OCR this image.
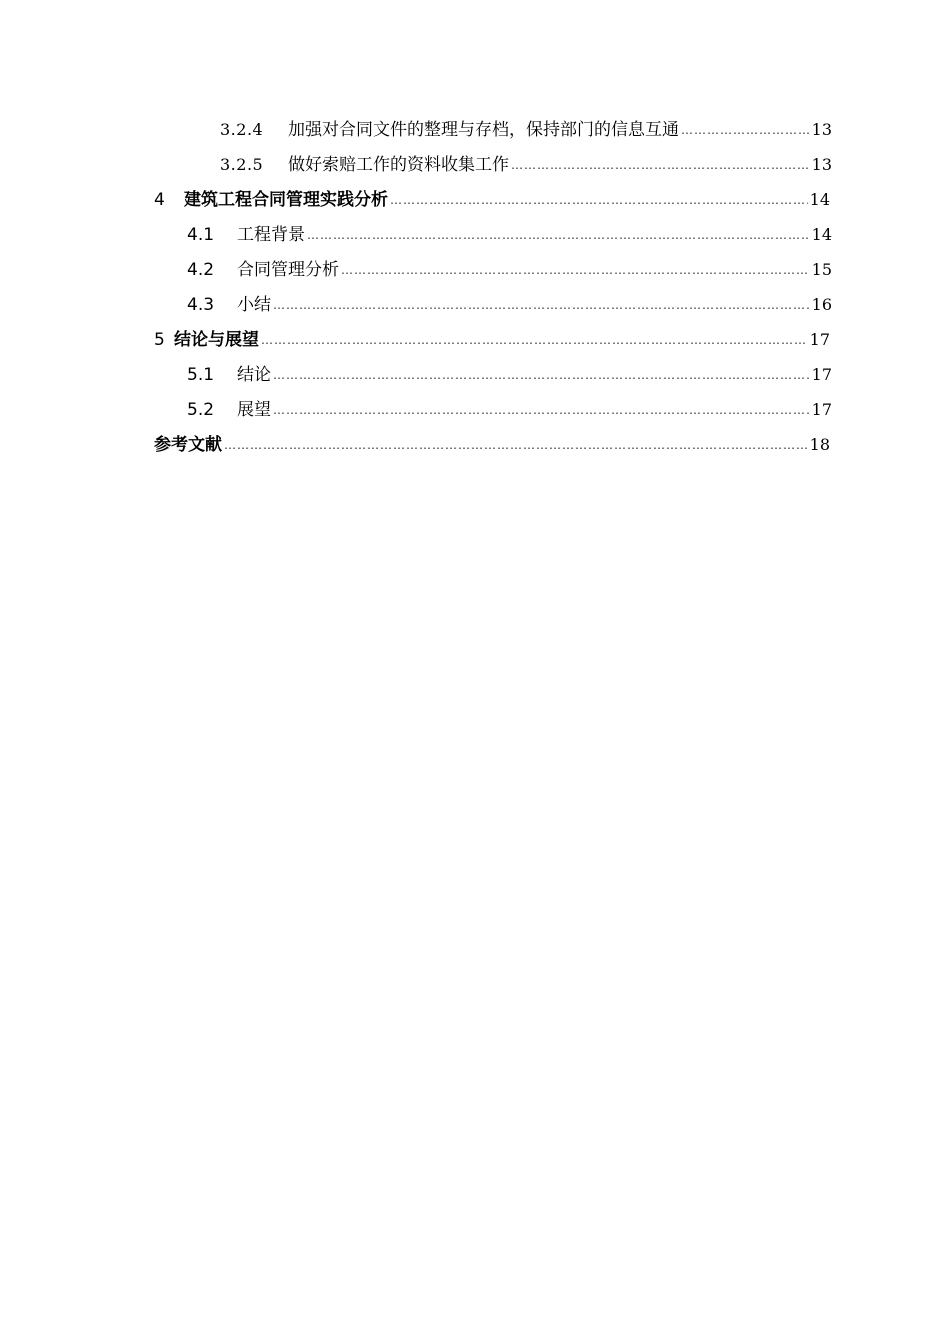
3.2.4	加强对合同文件的整理与存档，保持部门的信息互通 …………………………………………………………………………………………………………………………………………………………………………………………………………	13
3.2.5	做好索赔工作的资料收集工作 …………………………………………………………………………………………………………………………………………………………………………………………………………	13
4	建筑工程合同管理实践分析 …………………………………………………………………………………………………………………………………………………………………………………………………………	14
4.1	工程背景 …………………………………………………………………………………………………………………………………………………………………………………………………………	14
4.2	合同管理分析 …………………………………………………………………………………………………………………………………………………………………………………………………………	15
4.3	小结 …………………………………………………………………………………………………………………………………………………………………………………………………………	16
5 结论与展望 …………………………………………………………………………………………………………………………………………………………………………………………………………	17
5.1	结论 …………………………………………………………………………………………………………………………………………………………………………………………………………	17
5.2	展望 …………………………………………………………………………………………………………………………………………………………………………………………………………	17
参考文献 …………………………………………………………………………………………………………………………………………………………………………………………………………	18
